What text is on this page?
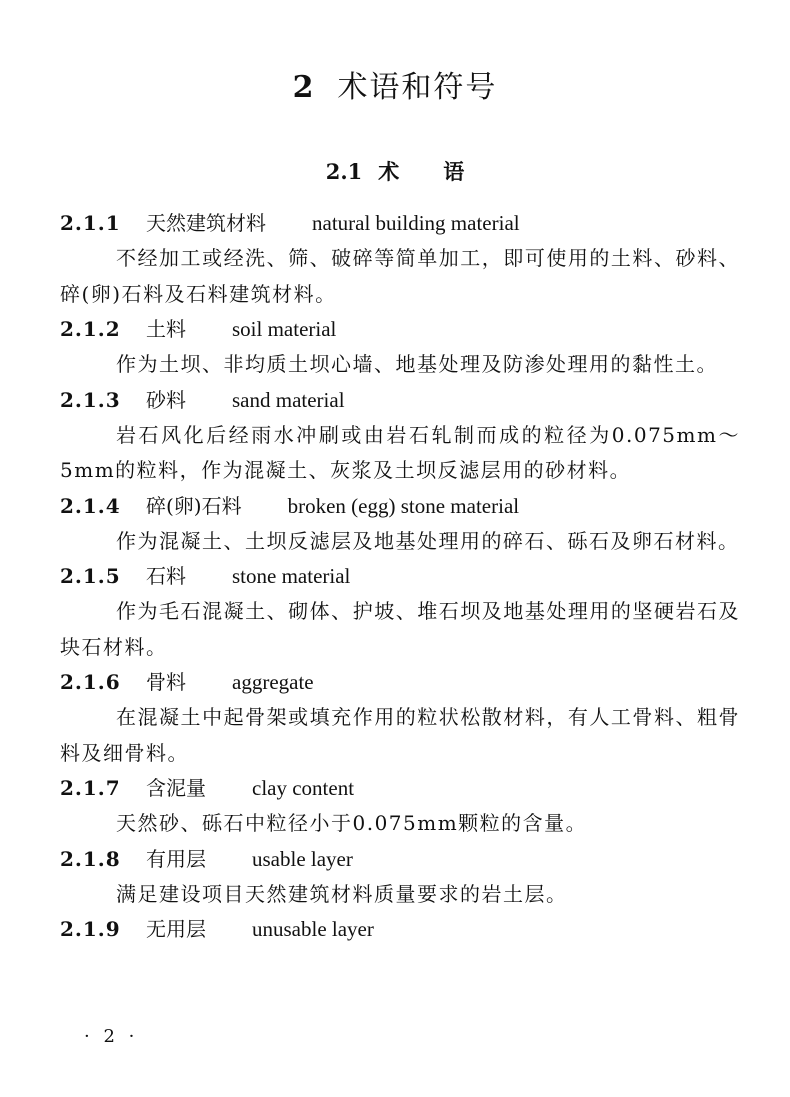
2 术语和符号
2.1 术 语
2.1.1 天然建筑材料 natural building material
不经加工或经洗、筛、破碎等简单加工，即可使用的土料、砂料、碎(卵)石料及石料建筑材料。
2.1.2 土料 soil material
作为土坝、非均质土坝心墙、地基处理及防渗处理用的黏性土。
2.1.3 砂料 sand material
岩石风化后经雨水冲刷或由岩石轧制而成的粒径为0.075mm～5mm的粒料，作为混凝土、灰浆及土坝反滤层用的砂材料。
2.1.4 碎(卵)石料 broken (egg) stone material
作为混凝土、土坝反滤层及地基处理用的碎石、砾石及卵石材料。
2.1.5 石料 stone material
作为毛石混凝土、砌体、护坡、堆石坝及地基处理用的坚硬岩石及块石材料。
2.1.6 骨料 aggregate
在混凝土中起骨架或填充作用的粒状松散材料，有人工骨料、粗骨料及细骨料。
2.1.7 含泥量 clay content
天然砂、砾石中粒径小于0.075mm颗粒的含量。
2.1.8 有用层 usable layer
满足建设项目天然建筑材料质量要求的岩土层。
2.1.9 无用层 unusable layer
· 2 ·
